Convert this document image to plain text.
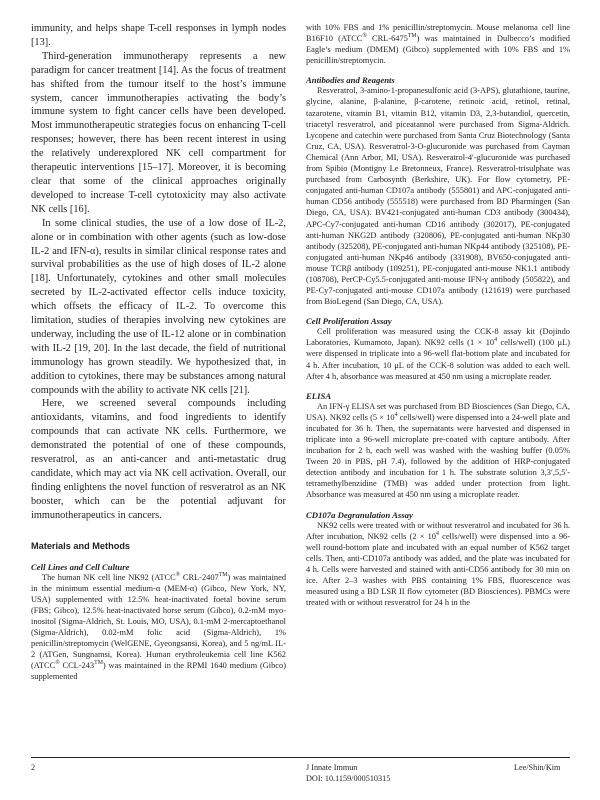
immunity, and helps shape T-cell responses in lymph nodes [13].

Third-generation immunotherapy represents a new paradigm for cancer treatment [14]. As the focus of treatment has shifted from the tumour itself to the host’s immune system, cancer immunotherapies activating the body’s immune system to fight cancer cells have been developed. Most immunotherapeutic strategies focus on enhancing T-cell responses; however, there has been recent interest in using the relatively underexplored NK cell compartment for therapeutic interventions [15–17]. Moreover, it is becoming clear that some of the clinical approaches originally developed to increase T-cell cytotoxicity may also activate NK cells [16].

In some clinical studies, the use of a low dose of IL-2, alone or in combination with other agents (such as low-dose IL-2 and IFN-α), results in similar clinical response rates and survival probabilities as the use of high doses of IL-2 alone [18]. Unfortunately, cytokines and other small molecules secreted by IL-2-activated effector cells induce toxicity, which offsets the efficacy of IL-2. To overcome this limitation, studies of therapies involving new cytokines are underway, including the use of IL-12 alone or in combination with IL-2 [19, 20]. In the last decade, the field of nutritional immunology has grown steadily. We hypothesized that, in addition to cytokines, there may be substances among natural compounds with the ability to activate NK cells [21].

Here, we screened several compounds including antioxidants, vitamins, and food ingredients to identify compounds that can activate NK cells. Furthermore, we demonstrated the potential of one of these compounds, resveratrol, as an anti-cancer and anti-metastatic drug candidate, which may act via NK cell activation. Overall, our finding enlightens the novel function of resveratrol as an NK booster, which can be the potential adjuvant for immunotherapeutics in cancers.

Materials and Methods
Cell Lines and Cell Culture

The human NK cell line NK92 (ATCC® CRL-2407™) was maintained in the minimum essential medium-α (MEM-α) (Gibco, New York, NY, USA) supplemented with 12.5% heat-inactivated foetal bovine serum (FBS; Gibco), 12.5% heat-inactivated horse serum (Gibco), 0.2-mM myo-inositol (Sigma-Aldrich, St. Louis, MO, USA), 0.1-mM 2-mercaptoethanol (Sigma-Aldrich), 0.02-mM folic acid (Sigma-Aldrich), 1% penicillin/streptomycin (WelGENE, Gyeongsansi, Korea), and 5 ng/mL IL-2 (ATGen, Sungnamsi, Korea). Human erythroleukemia cell line K562 (ATCC® CCL-243™) was maintained in the RPMI 1640 medium (Gibco) supplemented

with 10% FBS and 1% penicillin/streptomycin. Mouse melanoma cell line B16F10 (ATCC® CRL-6475™) was maintained in Dulbecco’s modified Eagle’s medium (DMEM) (Gibco) supplemented with 10% FBS and 1% penicillin/streptomycin.

Antibodies and Reagents

Resveratrol, 3-amino-1-propanesulfonic acid (3-APS), glutathione, taurine, glycine, alanine, β-alanine, β-carotene, retinoic acid, retinol, retinal, tazarotene, vitamin B1, vitamin B12, vitamin D3, 2,3-butandiol, quercetin, triacetyl resveratrol, and piceatannol were purchased from Sigma-Aldrich. Lycopene and catechin were purchased from Santa Cruz Biotechnology (Santa Cruz, CA, USA). Resveratrol-3-O-glucuronide was purchased from Cayman Chemical (Ann Arbor, MI, USA). Resveratrol-4′-glucuronide was purchased from Spibio (Montigny Le Bretonneux, France). Resveratrol-trisulphate was purchased from Carbosynth (Berkshire, UK). For flow cytometry, PE-conjugated anti-human CD107a antibody (555801) and APC-conjugated anti-human CD56 antibody (555518) were purchased from BD Pharmingen (San Diego, CA, USA). BV421-conjugated anti-human CD3 antibody (300434), APC-Cy7-conjugated anti-human CD16 antibody (302017), PE-conjugated anti-human NKG2D antibody (320806), PE-conjugated anti-human NKp30 antibody (325208), PE-conjugated anti-human NKp44 antibody (325108), PE-conjugated anti-human NKp46 antibody (331908), BV650-conjugated anti-mouse TCRβ antibody (109251), PE-conjugated anti-mouse NK1.1 antibody (108708), PerCP-Cy5.5-conjugated anti-mouse IFN-γ antibody (505822), and PE-Cy7-conjugated anti-mouse CD107a antibody (121619) were purchased from BioLegend (San Diego, CA, USA).

Cell Proliferation Assay

Cell proliferation was measured using the CCK-8 assay kit (Dojindo Laboratories, Kumamoto, Japan). NK92 cells ($1 \times 10^4$ cells/well) (100 μL) were dispensed in triplicate into a 96-well flat-bottom plate and incubated for 4 h. After incubation, 10 μL of the CCK-8 solution was added to each well. After 4 h, absorbance was measured at 450 nm using a microplate reader.

ELISA

An IFN-γ ELISA set was purchased from BD Biosciences (San Diego, CA, USA). NK92 cells ($5 \times 10^4$ cells/well) were dispensed into a 24-well plate and incubated for 36 h. Then, the supernatants were harvested and dispensed in triplicate into a 96-well microplate pre-coated with capture antibody. After incubation for 2 h, each well was washed with the washing buffer (0.05% Tween 20 in PBS, pH 7.4), followed by the addition of HRP-conjugated detection antibody and incubation for 1 h. The substrate solution 3,3′,5,5′-tetramethylbenzidine (TMB) was added under protection from light. Absorbance was measured at 450 nm using a microplate reader.

CD107a Degranulation Assay

NK92 cells were treated with or without resveratrol and incubated for 36 h. After incubation, NK92 cells ($2 \times 10^4$ cells/well) were dispensed into a 96-well round-bottom plate and incubated with an equal number of K562 target cells. Then, anti-CD107a antibody was added, and the plate was incubated for 4 h. Cells were harvested and stained with anti-CD56 antibody for 30 min on ice. After 2–3 washes with PBS containing 1% FBS, fluorescence was measured using a BD LSR II flow cytometer (BD Biosciences). PBMCs were treated with or without resveratrol for 24 h in the

2	J Innate Immun
DOI: 10.1159/000510315
Lee/Shin/Kim
